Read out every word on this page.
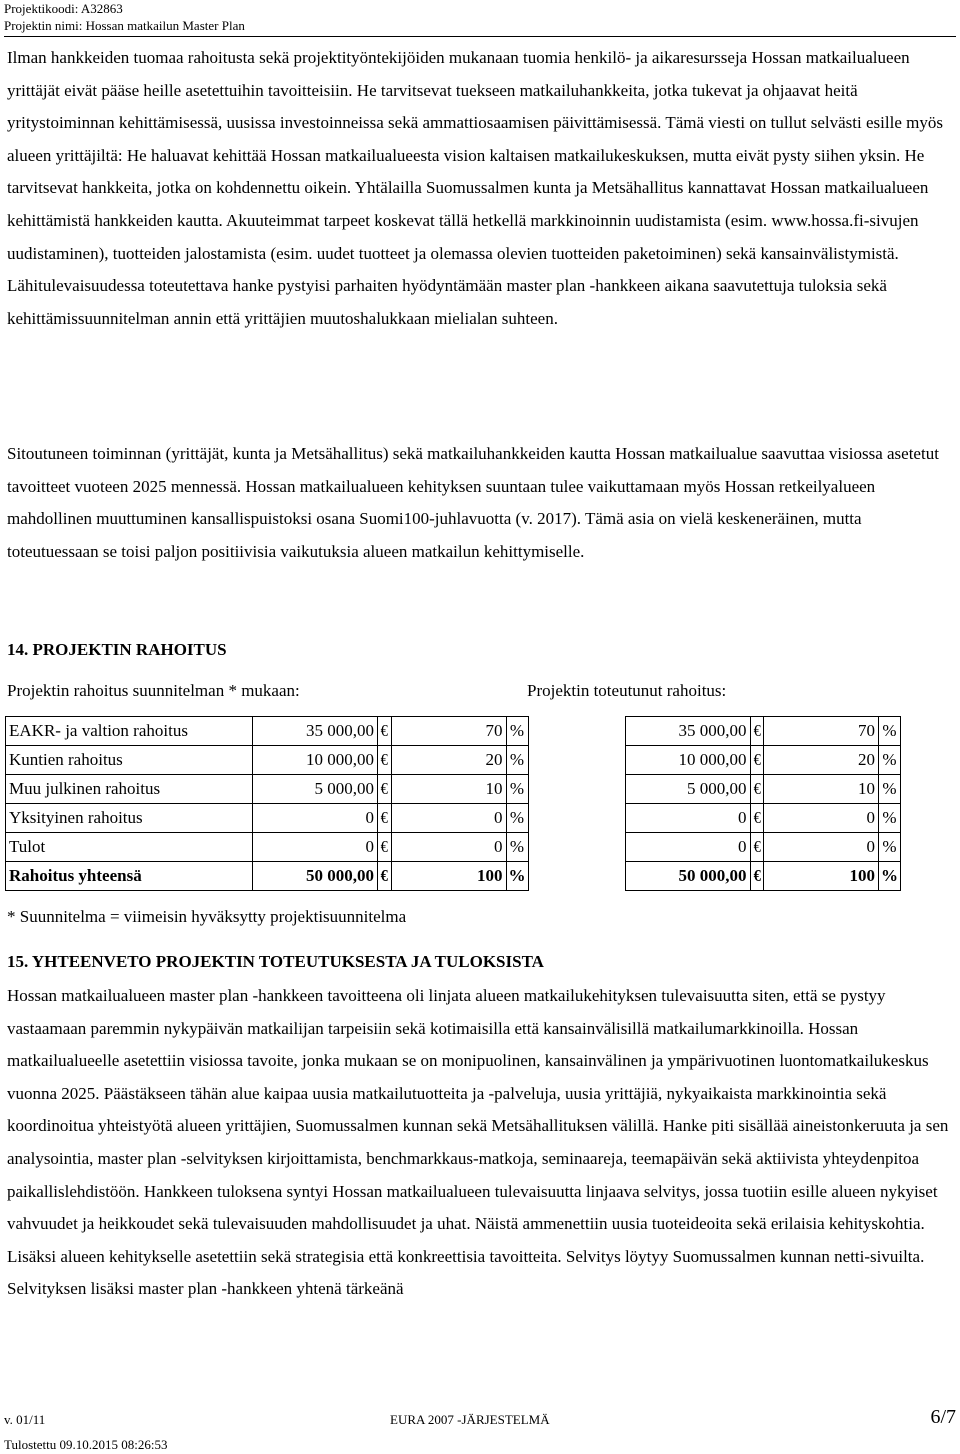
Projektikoodi: A32863
Projektin nimi: Hossan matkailun Master Plan

Ilman hankkeiden tuomaa rahoitusta sekä projektityöntekijöiden mukanaan tuomia henkilö- ja aikaresursseja Hossan matkailualueen yrittäjät eivät pääse heille asetettuihin tavoitteisiin. He tarvitsevat tuekseen matkailuhankkeita, jotka tukevat ja ohjaavat heitä yritystoiminnan kehittämisessä, uusissa investoinneissa sekä ammattiosaamisen päivittämisessä. Tämä viesti on tullut selvästi esille myös alueen yrittäjiltä: He haluavat kehittää Hossan matkailualueesta vision kaltaisen matkailukeskuksen, mutta eivät pysty siihen yksin. He tarvitsevat hankkeita, jotka on kohdennettu oikein. Yhtälailla Suomussalmen kunta ja Metsähallitus kannattavat Hossan matkailualueen kehittämistä hankkeiden kautta. Akuuteimmat tarpeet koskevat tällä hetkellä markkinoinnin uudistamista (esim. www.hossa.fi-sivujen uudistaminen), tuotteiden jalostamista (esim. uudet tuotteet ja olemassa olevien tuotteiden paketoiminen) sekä kansainvälistymistä. Lähitulevaisuudessa toteutettava hanke pystyisi parhaiten hyödyntämään master plan -hankkeen aikana saavutettuja tuloksia sekä kehittämissuunnitelman annin että yrittäjien muutoshalukkaan mielialan suhteen.

Sitoutuneen toiminnan (yrittäjät, kunta ja Metsähallitus) sekä matkailuhankkeiden kautta Hossan matkailualue saavuttaa visiossa asetetut tavoitteet vuoteen 2025 mennessä. Hossan matkailualueen kehityksen suuntaan tulee vaikuttamaan myös Hossan retkeilyalueen mahdollinen muuttuminen kansallispuistoksi osana Suomi100-juhlavuotta (v. 2017). Tämä asia on vielä keskeneräinen, mutta toteutuessaan se toisi paljon positiivisia vaikutuksia alueen matkailun kehittymiselle.

14. PROJEKTIN RAHOITUS
Projektin rahoitus suunnitelman * mukaan:	Projektin toteutunut rahoitus:
EAKR- ja valtion rahoitus	35 000,00	€	70	%		35 000,00	€	70	%
Kuntien rahoitus	10 000,00	€	20	%		10 000,00	€	20	%
Muu julkinen rahoitus	5 000,00	€	10	%		5 000,00	€	10	%
Yksityinen rahoitus	0	€	0	%		0	€	0	%
Tulot	0	€	0	%		0	€	0	%
Rahoitus yhteensä	50 000,00	€	100	%		50 000,00	€	100	%
* Suunnitelma = viimeisin hyväksytty projektisuunnitelma
15. YHTEENVETO PROJEKTIN TOTEUTUKSESTA JA TULOKSISTA

Hossan matkailualueen master plan -hankkeen tavoitteena oli linjata alueen matkailukehityksen tulevaisuutta siten, että se pystyy vastaamaan paremmin nykypäivän matkailijan tarpeisiin sekä kotimaisilla että kansainvälisillä matkailumarkkinoilla. Hossan matkailualueelle asetettiin visiossa tavoite, jonka mukaan se on monipuolinen, kansainvälinen ja ympärivuotinen luontomatkailukeskus vuonna 2025. Päästäkseen tähän alue kaipaa uusia matkailutuotteita ja -palveluja, uusia yrittäjiä, nykyaikaista markkinointia sekä koordinoitua yhteistyötä alueen yrittäjien, Suomussalmen kunnan sekä Metsähallituksen välillä. Hanke piti sisällää aineistonkeruuta ja sen analysointia, master plan -selvityksen kirjoittamista, benchmarkkaus-matkoja, seminaareja, teemapäivän sekä aktiivista yhteydenpitoa paikallislehdistöön. Hankkeen tuloksena syntyi Hossan matkailualueen tulevaisuutta linjaava selvitys, jossa tuotiin esille alueen nykyiset vahvuudet ja heikkoudet sekä tulevaisuuden mahdollisuudet ja uhat. Näistä ammenettiin uusia tuoteideoita sekä erilaisia kehityskohtia. Lisäksi alueen kehitykselle asetettiin sekä strategisia että konkreettisia tavoitteita. Selvitys löytyy Suomussalmen kunnan netti-sivuilta. Selvityksen lisäksi master plan -hankkeen yhtenä tärkeänä

v. 01/11	EURA 2007 -JÄRJESTELMÄ	6/7
Tulostettu 09.10.2015 08:26:53
